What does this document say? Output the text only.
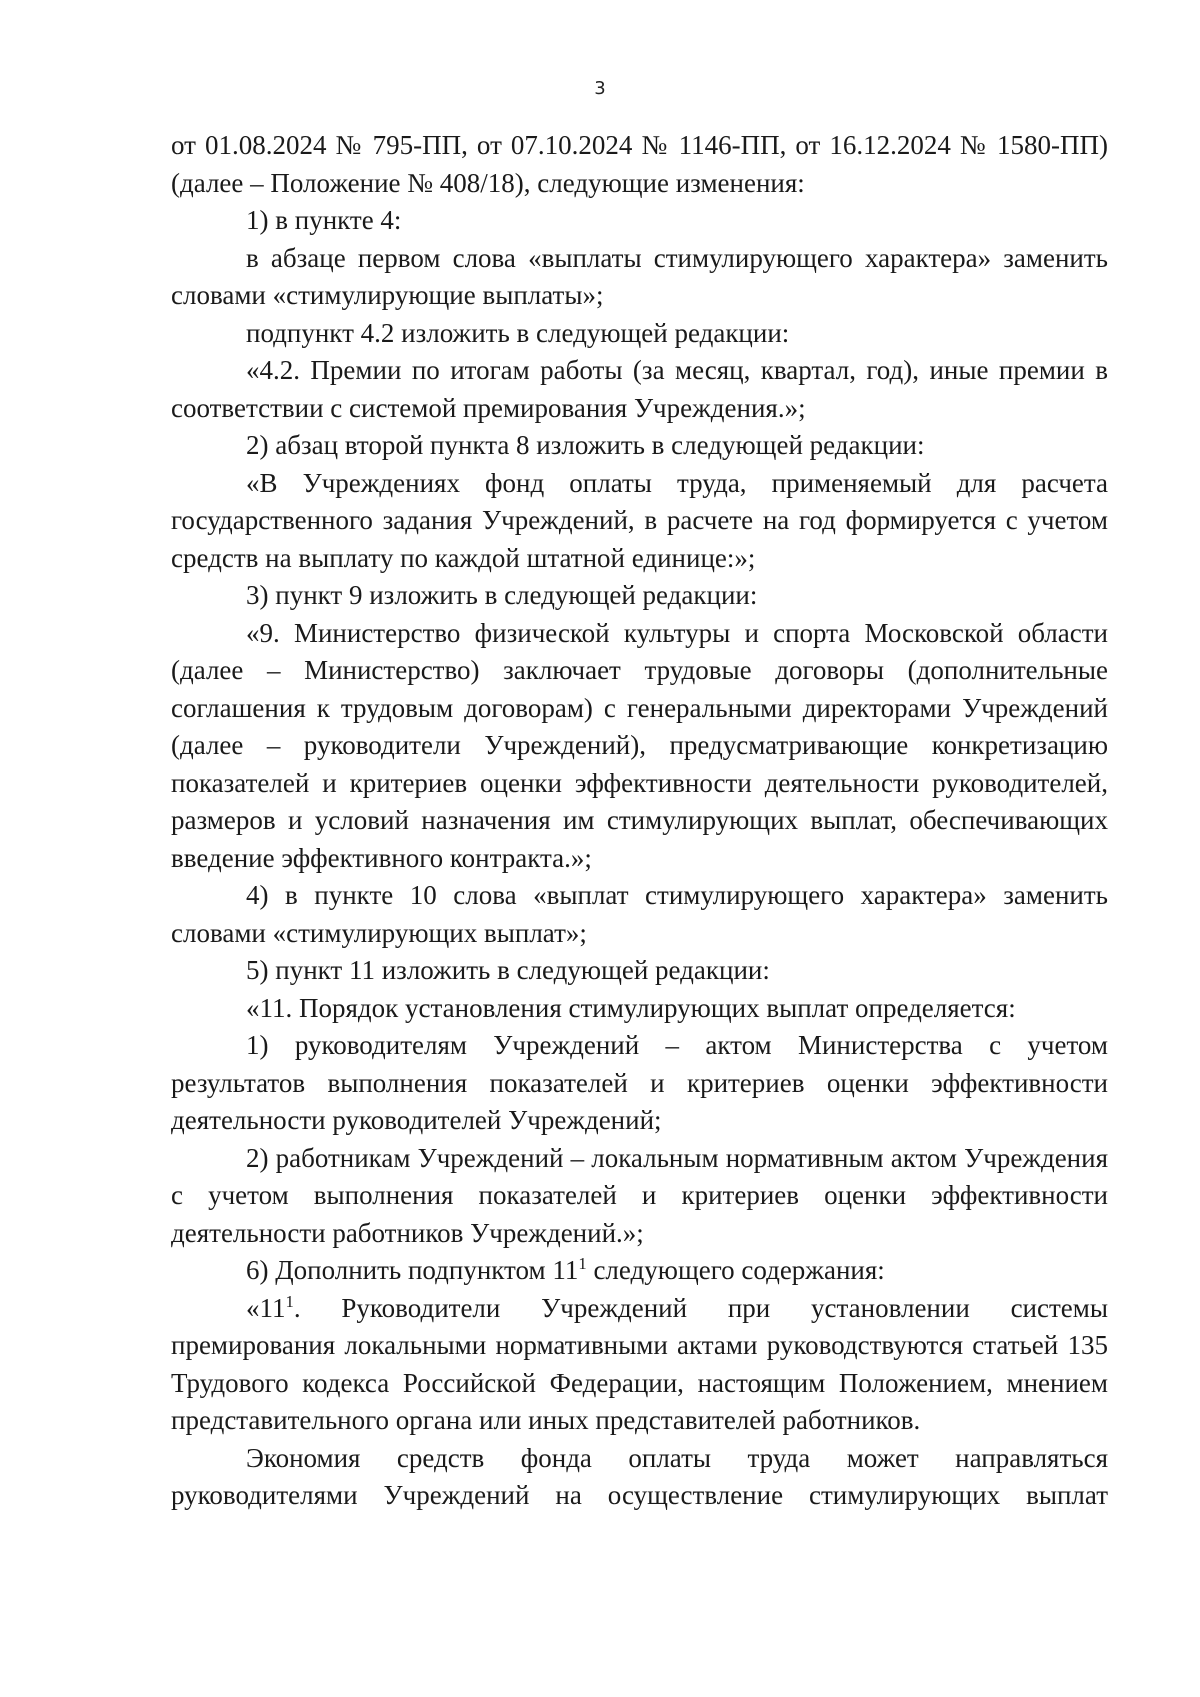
3

от 01.08.2024 № 795-ПП, от 07.10.2024 № 1146-ПП, от 16.12.2024 № 1580-ПП) (далее – Положение № 408/18), следующие изменения:

1) в пункте 4:

в абзаце первом слова «выплаты стимулирующего характера» заменить словами «стимулирующие выплаты»;

подпункт 4.2 изложить в следующей редакции:

«4.2. Премии по итогам работы (за месяц, квартал, год), иные премии в соответствии с системой премирования Учреждения.»;

2) абзац второй пункта 8 изложить в следующей редакции:

«В Учреждениях фонд оплаты труда, применяемый для расчета государственного задания Учреждений, в расчете на год формируется с учетом средств на выплату по каждой штатной единице:»;

3) пункт 9 изложить в следующей редакции:

«9. Министерство физической культуры и спорта Московской области (далее – Министерство) заключает трудовые договоры (дополнительные соглашения к трудовым договорам) с генеральными директорами Учреждений (далее – руководители Учреждений), предусматривающие конкретизацию показателей и критериев оценки эффективности деятельности руководителей, размеров и условий назначения им стимулирующих выплат, обеспечивающих введение эффективного контракта.»;

4) в пункте 10 слова «выплат стимулирующего характера» заменить словами «стимулирующих выплат»;

5) пункт 11 изложить в следующей редакции:

«11. Порядок установления стимулирующих выплат определяется:

1) руководителям Учреждений – актом Министерства с учетом результатов выполнения показателей и критериев оценки эффективности деятельности руководителей Учреждений;

2) работникам Учреждений – локальным нормативным актом Учреждения с учетом выполнения показателей и критериев оценки эффективности деятельности работников Учреждений.»;

6) Дополнить подпунктом $11^1$ следующего содержания:

«$11^1$. Руководители Учреждений при установлении системы премирования локальными нормативными актами руководствуются статьей 135 Трудового кодекса Российской Федерации, настоящим Положением, мнением представительного органа или иных представителей работников.

Экономия средств фонда оплаты труда может направляться руководителями Учреждений на осуществление стимулирующих выплат
